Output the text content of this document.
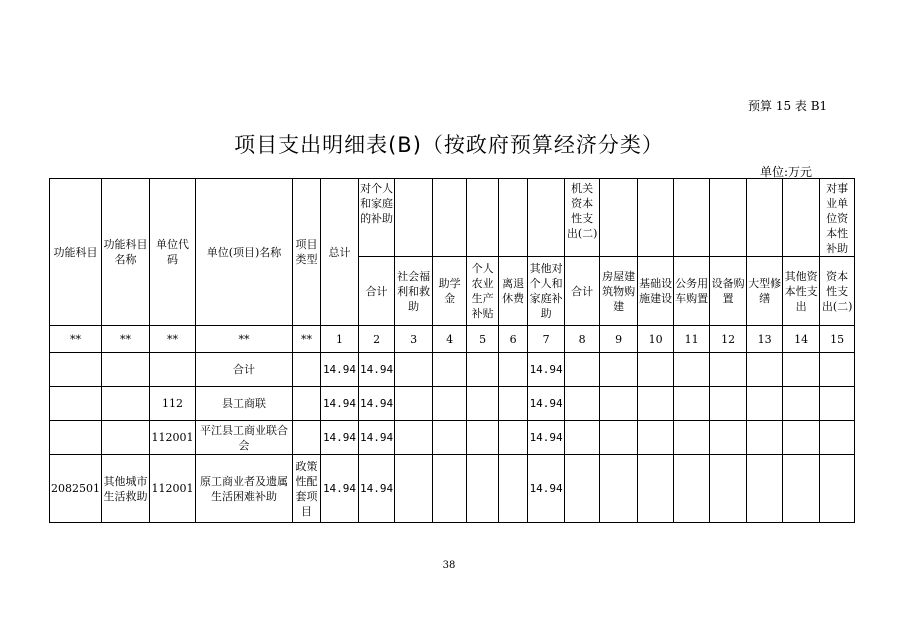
预算 15 表 B1
项目支出明细表(B)（按政府预算经济分类）
单位:万元
功能科目	功能科目名称	单位代码	单位(项目)名称	项目类型	总计	对个人和家庭的补助						机关资本性支出(二)							对事业单位资本性补助
						合计	社会福利和救助	助学金	个人农业生产补贴	离退休费	其他对个人和家庭补助	合计	房屋建筑物购建	基础设施建设	公务用车购置	设备购置	大型修缮	其他资本性支出	资本性支出(二)
**	**	**	**	**	1	2	3	4	5	6	7	8	9	10	11	12	13	14	15
			合计		14.94	14.94					14.94								
		112	县工商联		14.94	14.94					14.94								
		112001	平江县工商业联合会		14.94	14.94					14.94								
2082501	其他城市生活救助	112001	原工商业者及遗属生活困难补助	政策性配套项目	14.94	14.94					14.94								
38
